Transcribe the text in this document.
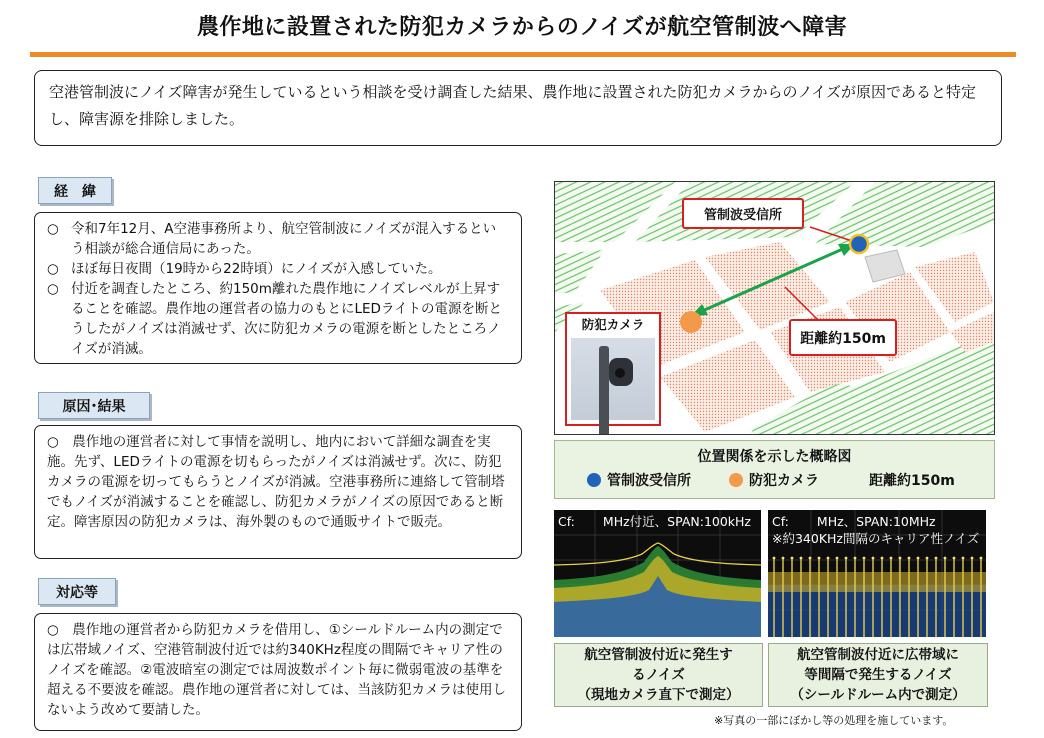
農作地に設置された防犯カメラからのノイズが航空管制波へ障害
空港管制波にノイズ障害が発生しているという相談を受け調査した結果、農作地に設置された防犯カメラからのノイズが原因であると特定し、障害源を排除しました。
経　緯
○ 令和7年12月、A空港事務所より、航空管制波にノイズが混入するという相談が総合通信局にあった。
○ ほぼ毎日夜間（19時から22時頃）にノイズが入感していた。
○ 付近を調査したところ、約150m離れた農作地にノイズレベルが上昇することを確認。農作地の運営者の協力のもとにLEDライトの電源を断とうしたがノイズは消滅せず、次に防犯カメラの電源を断としたところノイズが消滅。
原因･結果
○　農作地の運営者に対して事情を説明し、地内において詳細な調査を実施。先ず、LEDライトの電源を切もらったがノイズは消滅せず。次に、防犯カメラの電源を切ってもらうとノイズが消滅。空港事務所に連絡して管制塔でもノイズが消滅することを確認し、防犯カメラがノイズの原因であると断定。障害原因の防犯カメラは、海外製のもので通販サイトで販売。
対応等
○　農作地の運営者から防犯カメラを借用し、①シールドルーム内の測定では広帯域ノイズ、空港管制波付近では約340KHz程度の間隔でキャリア性のノイズを確認。②電波暗室の測定では周波数ポイント毎に微弱電波の基準を超える不要波を確認。農作地の運営者に対しては、当該防犯カメラは使用しないよう改めて要請した。
管制波受信所
距離約150m
防犯カメラ
位置関係を示した概略図
管制波受信所	防犯カメラ	距離約150m
Cf: MHz付近、SPAN:100kHz
航空管制波付近に発生す
るノイズ
（現地カメラ直下で測定）
Cf: MHz、SPAN:10MHz
※約340KHz間隔のキャリア性ノイズ
航空管制波付近に広帯域に
等間隔で発生するノイズ
（シールドルーム内で測定）
※写真の一部にぼかし等の処理を施しています。
